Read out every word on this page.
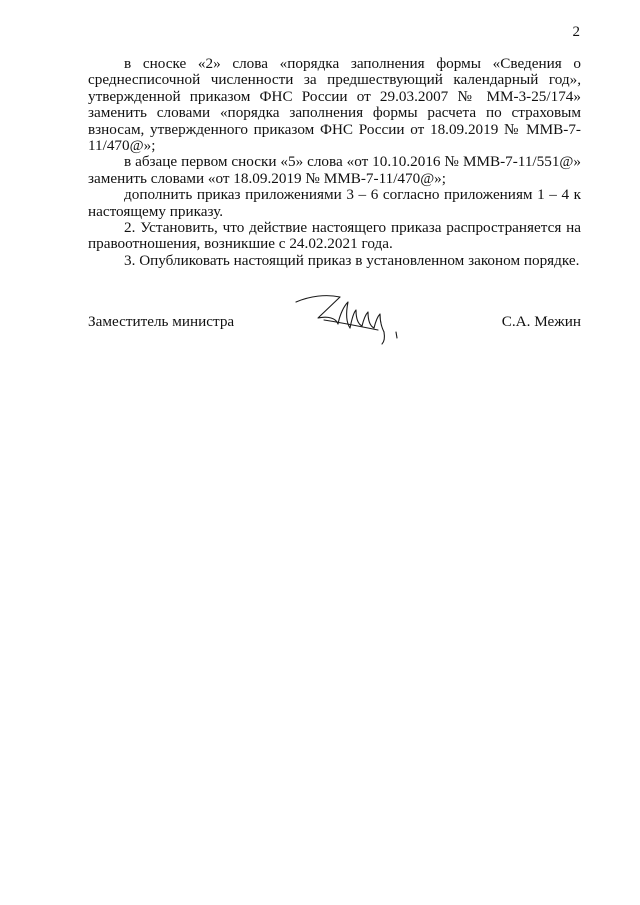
2

в сноске «2» слова «порядка заполнения формы «Сведения о среднесписочной численности за предшествующий календарный год», утвержденной приказом ФНС России от 29.03.2007 № ММ-3-25/174» заменить словами «порядка заполнения формы расчета по страховым взносам, утвержденного приказом ФНС России от 18.09.2019 № ММВ-7-11/470@»;

в абзаце первом сноски «5» слова «от 10.10.2016 № ММВ-7-11/551@» заменить словами «от 18.09.2019 № ММВ-7-11/470@»;

дополнить приказ приложениями 3 – 6 согласно приложениям 1 – 4 к настоящему приказу.

2. Установить, что действие настоящего приказа распространяется на правоотношения, возникшие с 24.02.2021 года.

3. Опубликовать настоящий приказ в установленном законом порядке.

Заместитель министра	С.А. Межин
